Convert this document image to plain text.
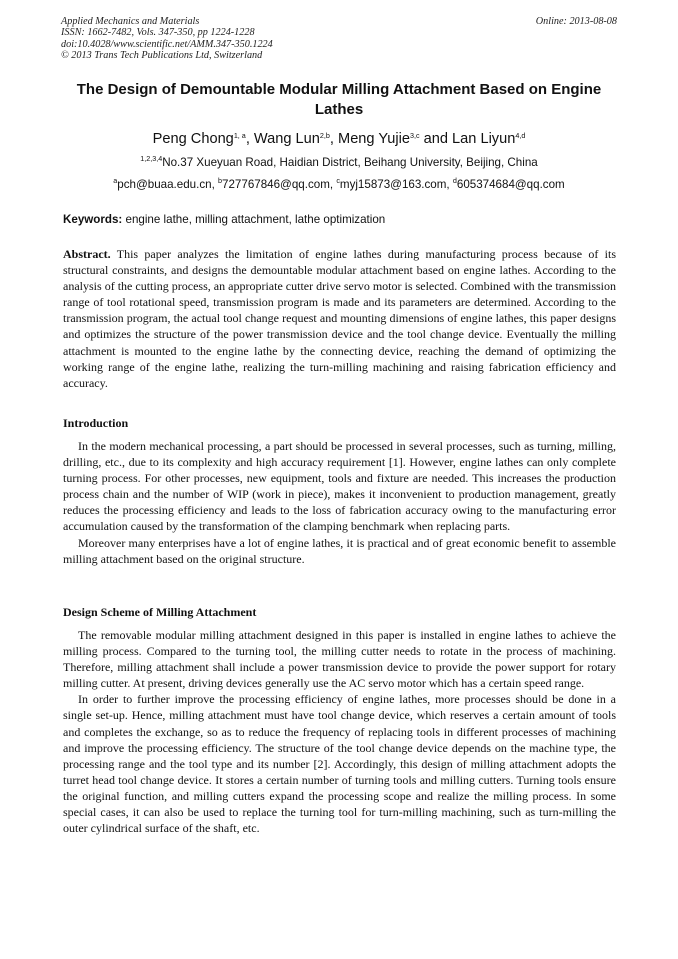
Applied Mechanics and Materials
ISSN: 1662-7482, Vols. 347-350, pp 1224-1228
doi:10.4028/www.scientific.net/AMM.347-350.1224
© 2013 Trans Tech Publications Ltd, Switzerland
Online: 2013-08-08
The Design of Demountable Modular Milling Attachment Based on Engine Lathes
Peng Chong$^{1, a}$, Wang Lun$^{2,b}$, Meng Yujie$^{3,c}$ and Lan Liyun$^{4,d}$
$^{1,2,3,4}$No.37 Xueyuan Road, Haidian District, Beihang University, Beijing, China
$^a$pch@buaa.edu.cn, $^b$727767846@qq.com, $^c$myj15873@163.com, $^d$605374684@qq.com
Keywords: engine lathe, milling attachment, lathe optimization

Abstract. This paper analyzes the limitation of engine lathes during manufacturing process because of its structural constraints, and designs the demountable modular attachment based on engine lathes. According to the analysis of the cutting process, an appropriate cutter drive servo motor is selected. Combined with the transmission range of tool rotational speed, transmission program is made and its parameters are determined. According to the transmission program, the actual tool change request and mounting dimensions of engine lathes, this paper designs and optimizes the structure of the power transmission device and the tool change device. Eventually the milling attachment is mounted to the engine lathe by the connecting device, reaching the demand of optimizing the working range of the engine lathe, realizing the turn-milling machining and raising fabrication efficiency and accuracy.

Introduction

In the modern mechanical processing, a part should be processed in several processes, such as turning, milling, drilling, etc., due to its complexity and high accuracy requirement [1]. However, engine lathes can only complete turning process. For other processes, new equipment, tools and fixture are needed. This increases the production process chain and the number of WIP (work in piece), makes it inconvenient to production management, greatly reduces the processing efficiency and leads to the loss of fabrication accuracy owing to the manufacturing error accumulation caused by the transformation of the clamping benchmark when replacing parts.

Moreover many enterprises have a lot of engine lathes, it is practical and of great economic benefit to assemble milling attachment based on the original structure.

Design Scheme of Milling Attachment

The removable modular milling attachment designed in this paper is installed in engine lathes to achieve the milling process. Compared to the turning tool, the milling cutter needs to rotate in the process of machining. Therefore, milling attachment shall include a power transmission device to provide the power support for rotary milling cutter. At present, driving devices generally use the AC servo motor which has a certain speed range.

In order to further improve the processing efficiency of engine lathes, more processes should be done in a single set-up. Hence, milling attachment must have tool change device, which reserves a certain amount of tools and completes the exchange, so as to reduce the frequency of replacing tools in different processes of machining and improve the processing efficiency. The structure of the tool change device depends on the machine type, the processing range and the tool type and its number [2]. Accordingly, this design of milling attachment adopts the turret head tool change device. It stores a certain number of turning tools and milling cutters. Turning tools ensure the original function, and milling cutters expand the processing scope and realize the milling process. In some special cases, it can also be used to replace the turning tool for turn-milling machining, such as turn-milling the outer cylindrical surface of the shaft, etc.
